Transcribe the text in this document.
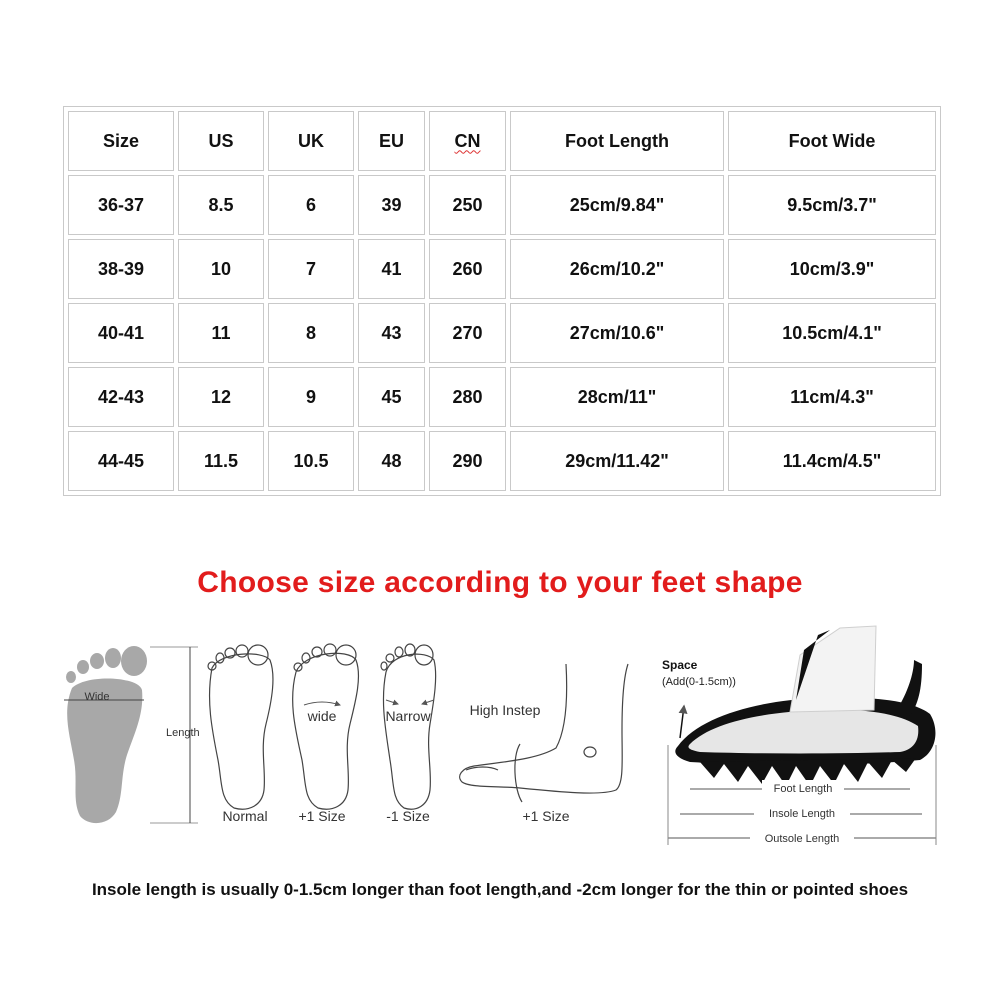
Size	US	UK	EU	CN	Foot Length	Foot Wide
36-37	8.5	6	39	250	25cm/9.84"	9.5cm/3.7"
38-39	10	7	41	260	26cm/10.2"	10cm/3.9"
40-41	11	8	43	270	27cm/10.6"	10.5cm/4.1"
42-43	12	9	45	280	28cm/11"	11cm/4.3"
44-45	11.5	10.5	48	290	29cm/11.42"	11.4cm/4.5"
Choose size according to your feet shape
Wide
Length
Normal
wide
+1 Size
Narrow
-1 Size
High Instep
+1 Size
Space
(Add(0-1.5cm))
Foot Length
Insole Length
Outsole Length
Insole length is usually 0-1.5cm longer than foot length,and -2cm longer for the thin or pointed shoes
